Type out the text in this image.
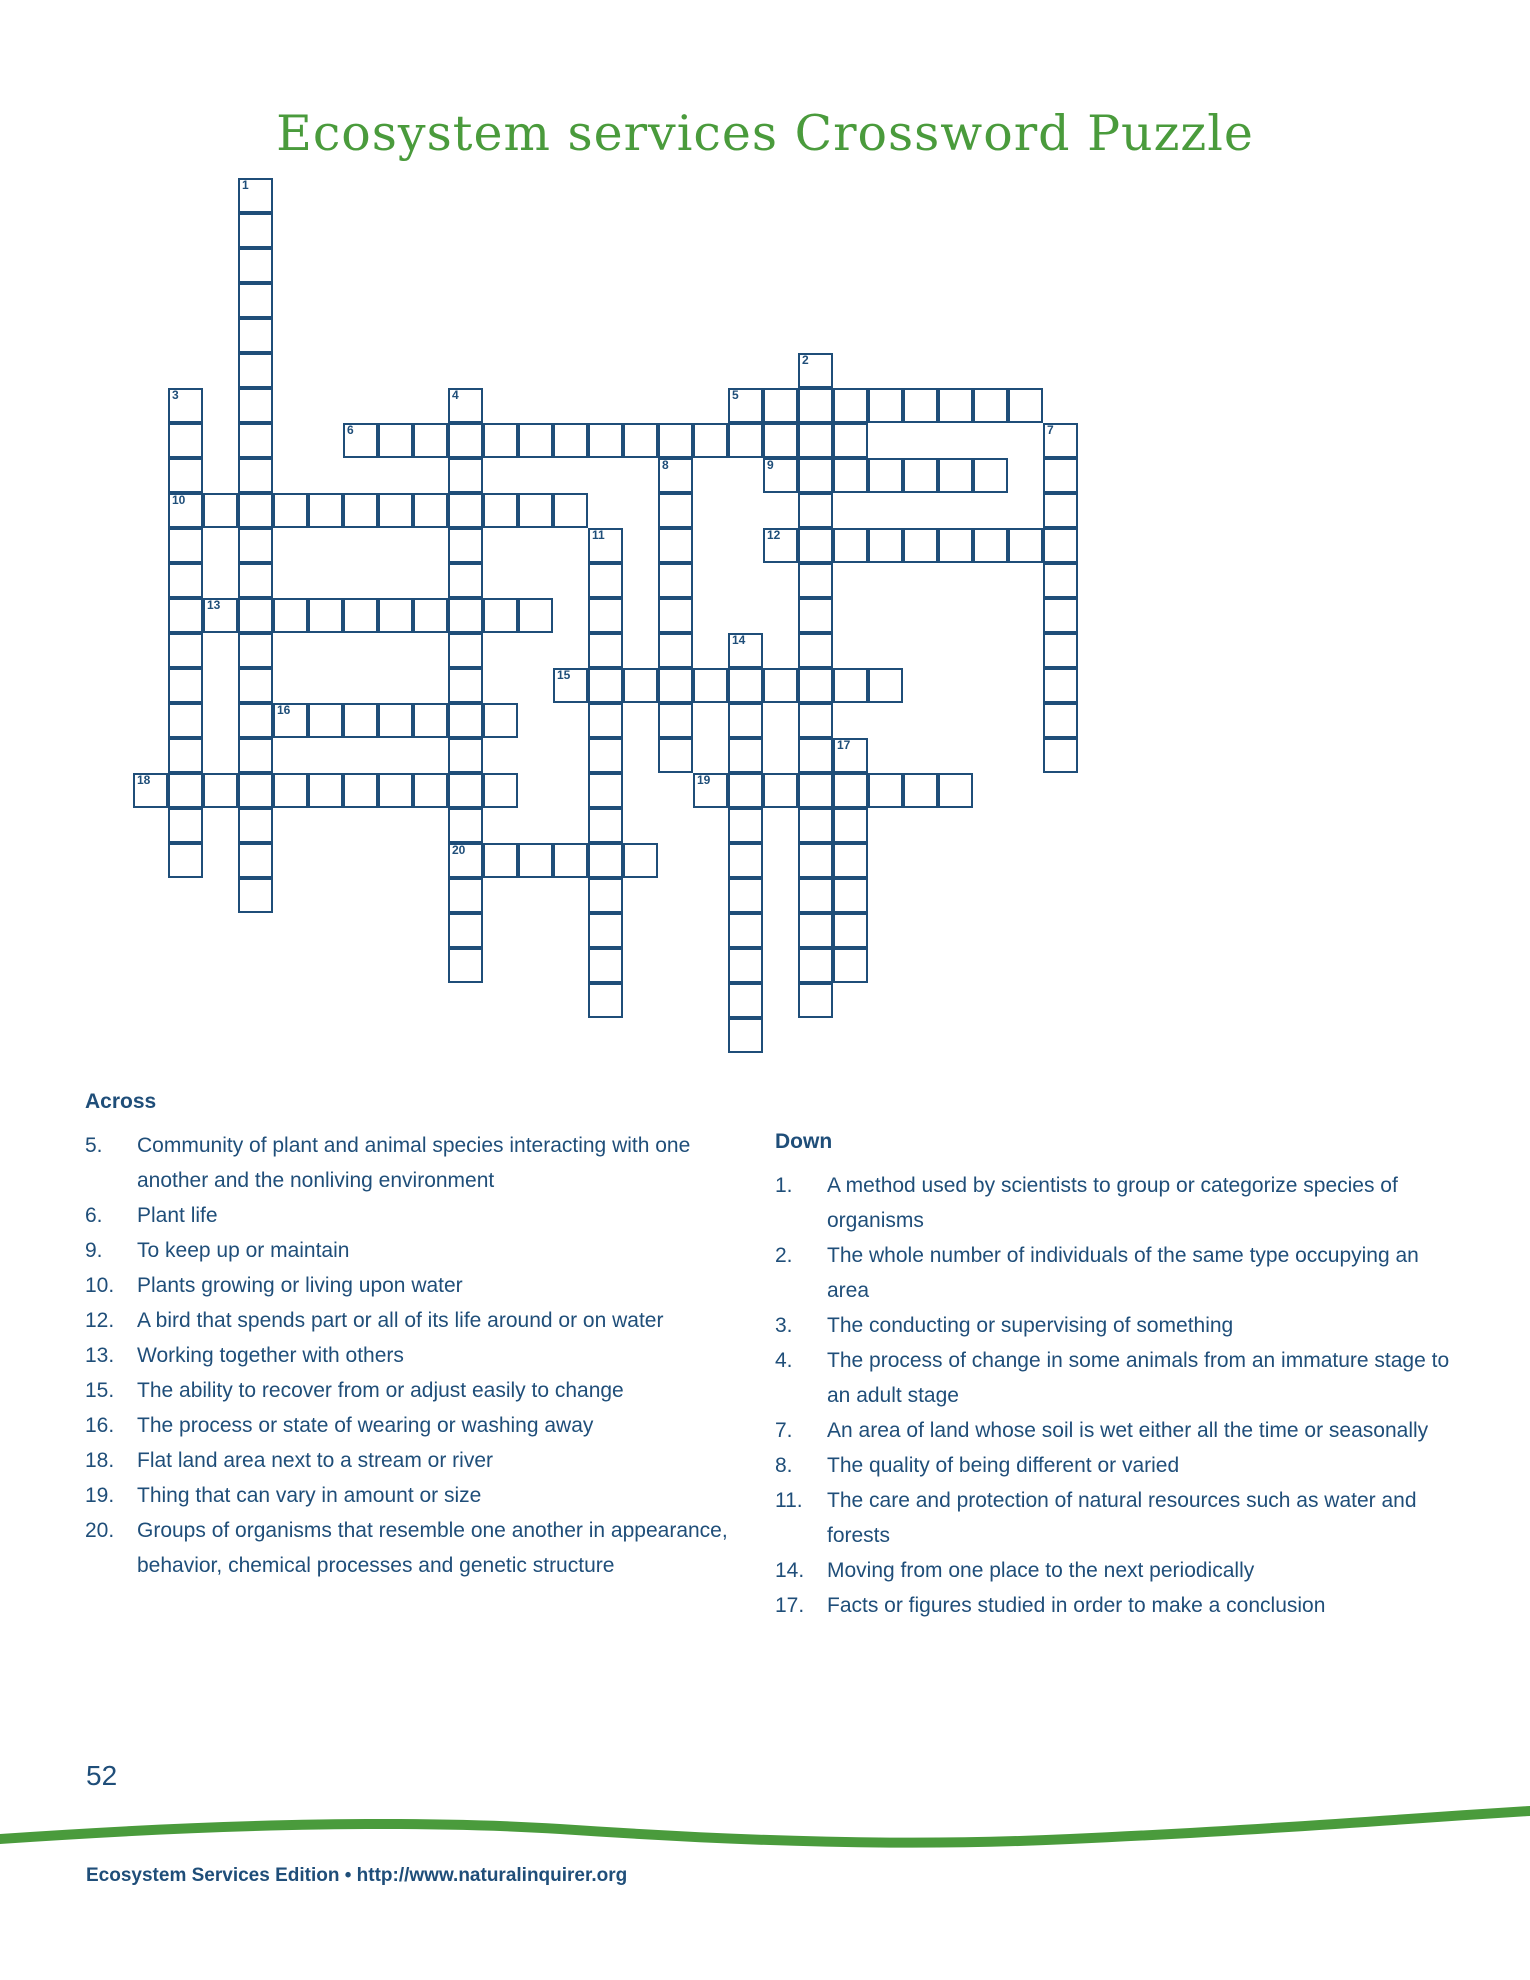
Ecosystem services Crossword Puzzle
1
2
3
10
4
20
5
6	7
8	9
11	12
13
14
15
16
17
18	19
Across
5.	Community of plant and animal species interacting with one another and the nonliving environment
6.	Plant life
9.	To keep up or maintain
10.	Plants growing or living upon water
12.	A bird that spends part or all of its life around or on water
13.	Working together with others
15.	The ability to recover from or adjust easily to change
16.	The process or state of wearing or washing away
18.	Flat land area next to a stream or river
19.	Thing that can vary in amount or size
20.	Groups of organisms that resemble one another in appearance, behavior, chemical processes and genetic structure
Down
1.	A method used by scientists to group or categorize species of organisms
2.	The whole number of individuals of the same type occupying an area
3.	The conducting or supervising of something
4.	The process of change in some animals from an immature stage to an adult stage
7.	An area of land whose soil is wet either all the time or seasonally
8.	The quality of being different or varied
11.	The care and protection of natural resources such as water and forests
14.	Moving from one place to the next periodically
17.	Facts or figures studied in order to make a conclusion
52
Ecosystem Services Edition • http://www.naturalinquirer.org
